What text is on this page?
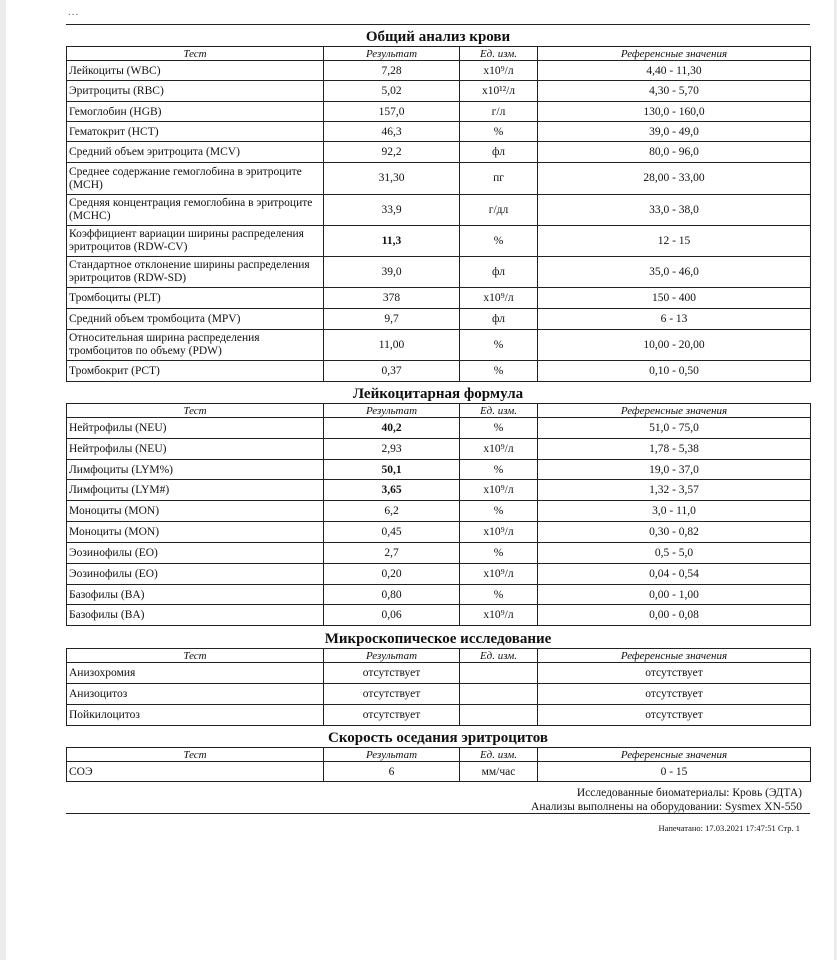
...
Общий анализ крови
Тест	Результат	Ед. изм.	Референсные значения
Лейкоциты (WBC)	7,28	x10⁹/л	4,40 - 11,30
Эритроциты (RBC)	5,02	x10¹²/л	4,30 - 5,70
Гемоглобин (HGB)	157,0	г/л	130,0 - 160,0
Гематокрит (HCT)	46,3	%	39,0 - 49,0
Средний объем эритроцита (MCV)	92,2	фл	80,0 - 96,0
Среднее содержание гемоглобина в эритроците (MCH)	31,30	пг	28,00 - 33,00
Средняя концентрация гемоглобина в эритроците (MCHC)	33,9	г/дл	33,0 - 38,0
Коэффициент вариации ширины распределения эритроцитов (RDW-CV)	11,3	%	12 - 15
Стандартное отклонение ширины распределения эритроцитов (RDW-SD)	39,0	фл	35,0 - 46,0
Тромбоциты (PLT)	378	x10⁹/л	150 - 400
Средний объем тромбоцита (MPV)	9,7	фл	6 - 13
Относительная ширина распределения тромбоцитов по объему (PDW)	11,00	%	10,00 - 20,00
Тромбокрит (PCT)	0,37	%	0,10 - 0,50
Лейкоцитарная формула
Тест	Результат	Ед. изм.	Референсные значения
Нейтрофилы (NEU)	40,2	%	51,0 - 75,0
Нейтрофилы (NEU)	2,93	x10⁹/л	1,78 - 5,38
Лимфоциты (LYM%)	50,1	%	19,0 - 37,0
Лимфоциты (LYM#)	3,65	x10⁹/л	1,32 - 3,57
Моноциты (MON)	6,2	%	3,0 - 11,0
Моноциты (MON)	0,45	x10⁹/л	0,30 - 0,82
Эозинофилы (EO)	2,7	%	0,5 - 5,0
Эозинофилы (EO)	0,20	x10⁹/л	0,04 - 0,54
Базофилы (BA)	0,80	%	0,00 - 1,00
Базофилы (BA)	0,06	x10⁹/л	0,00 - 0,08
Микроскопическое исследование
Тест	Результат	Ед. изм.	Референсные значения
Анизохромия	отсутствует		отсутствует
Анизоцитоз	отсутствует		отсутствует
Пойкилоцитоз	отсутствует		отсутствует
Скорость оседания эритроцитов
Тест	Результат	Ед. изм.	Референсные значения
СОЭ	6	мм/час	0 - 15
Исследованные биоматериалы: Кровь (ЭДТА)
Анализы выполнены на оборудовании: Sysmex XN-550
Напечатано: 17.03.2021 17:47:51 Стр. 1
